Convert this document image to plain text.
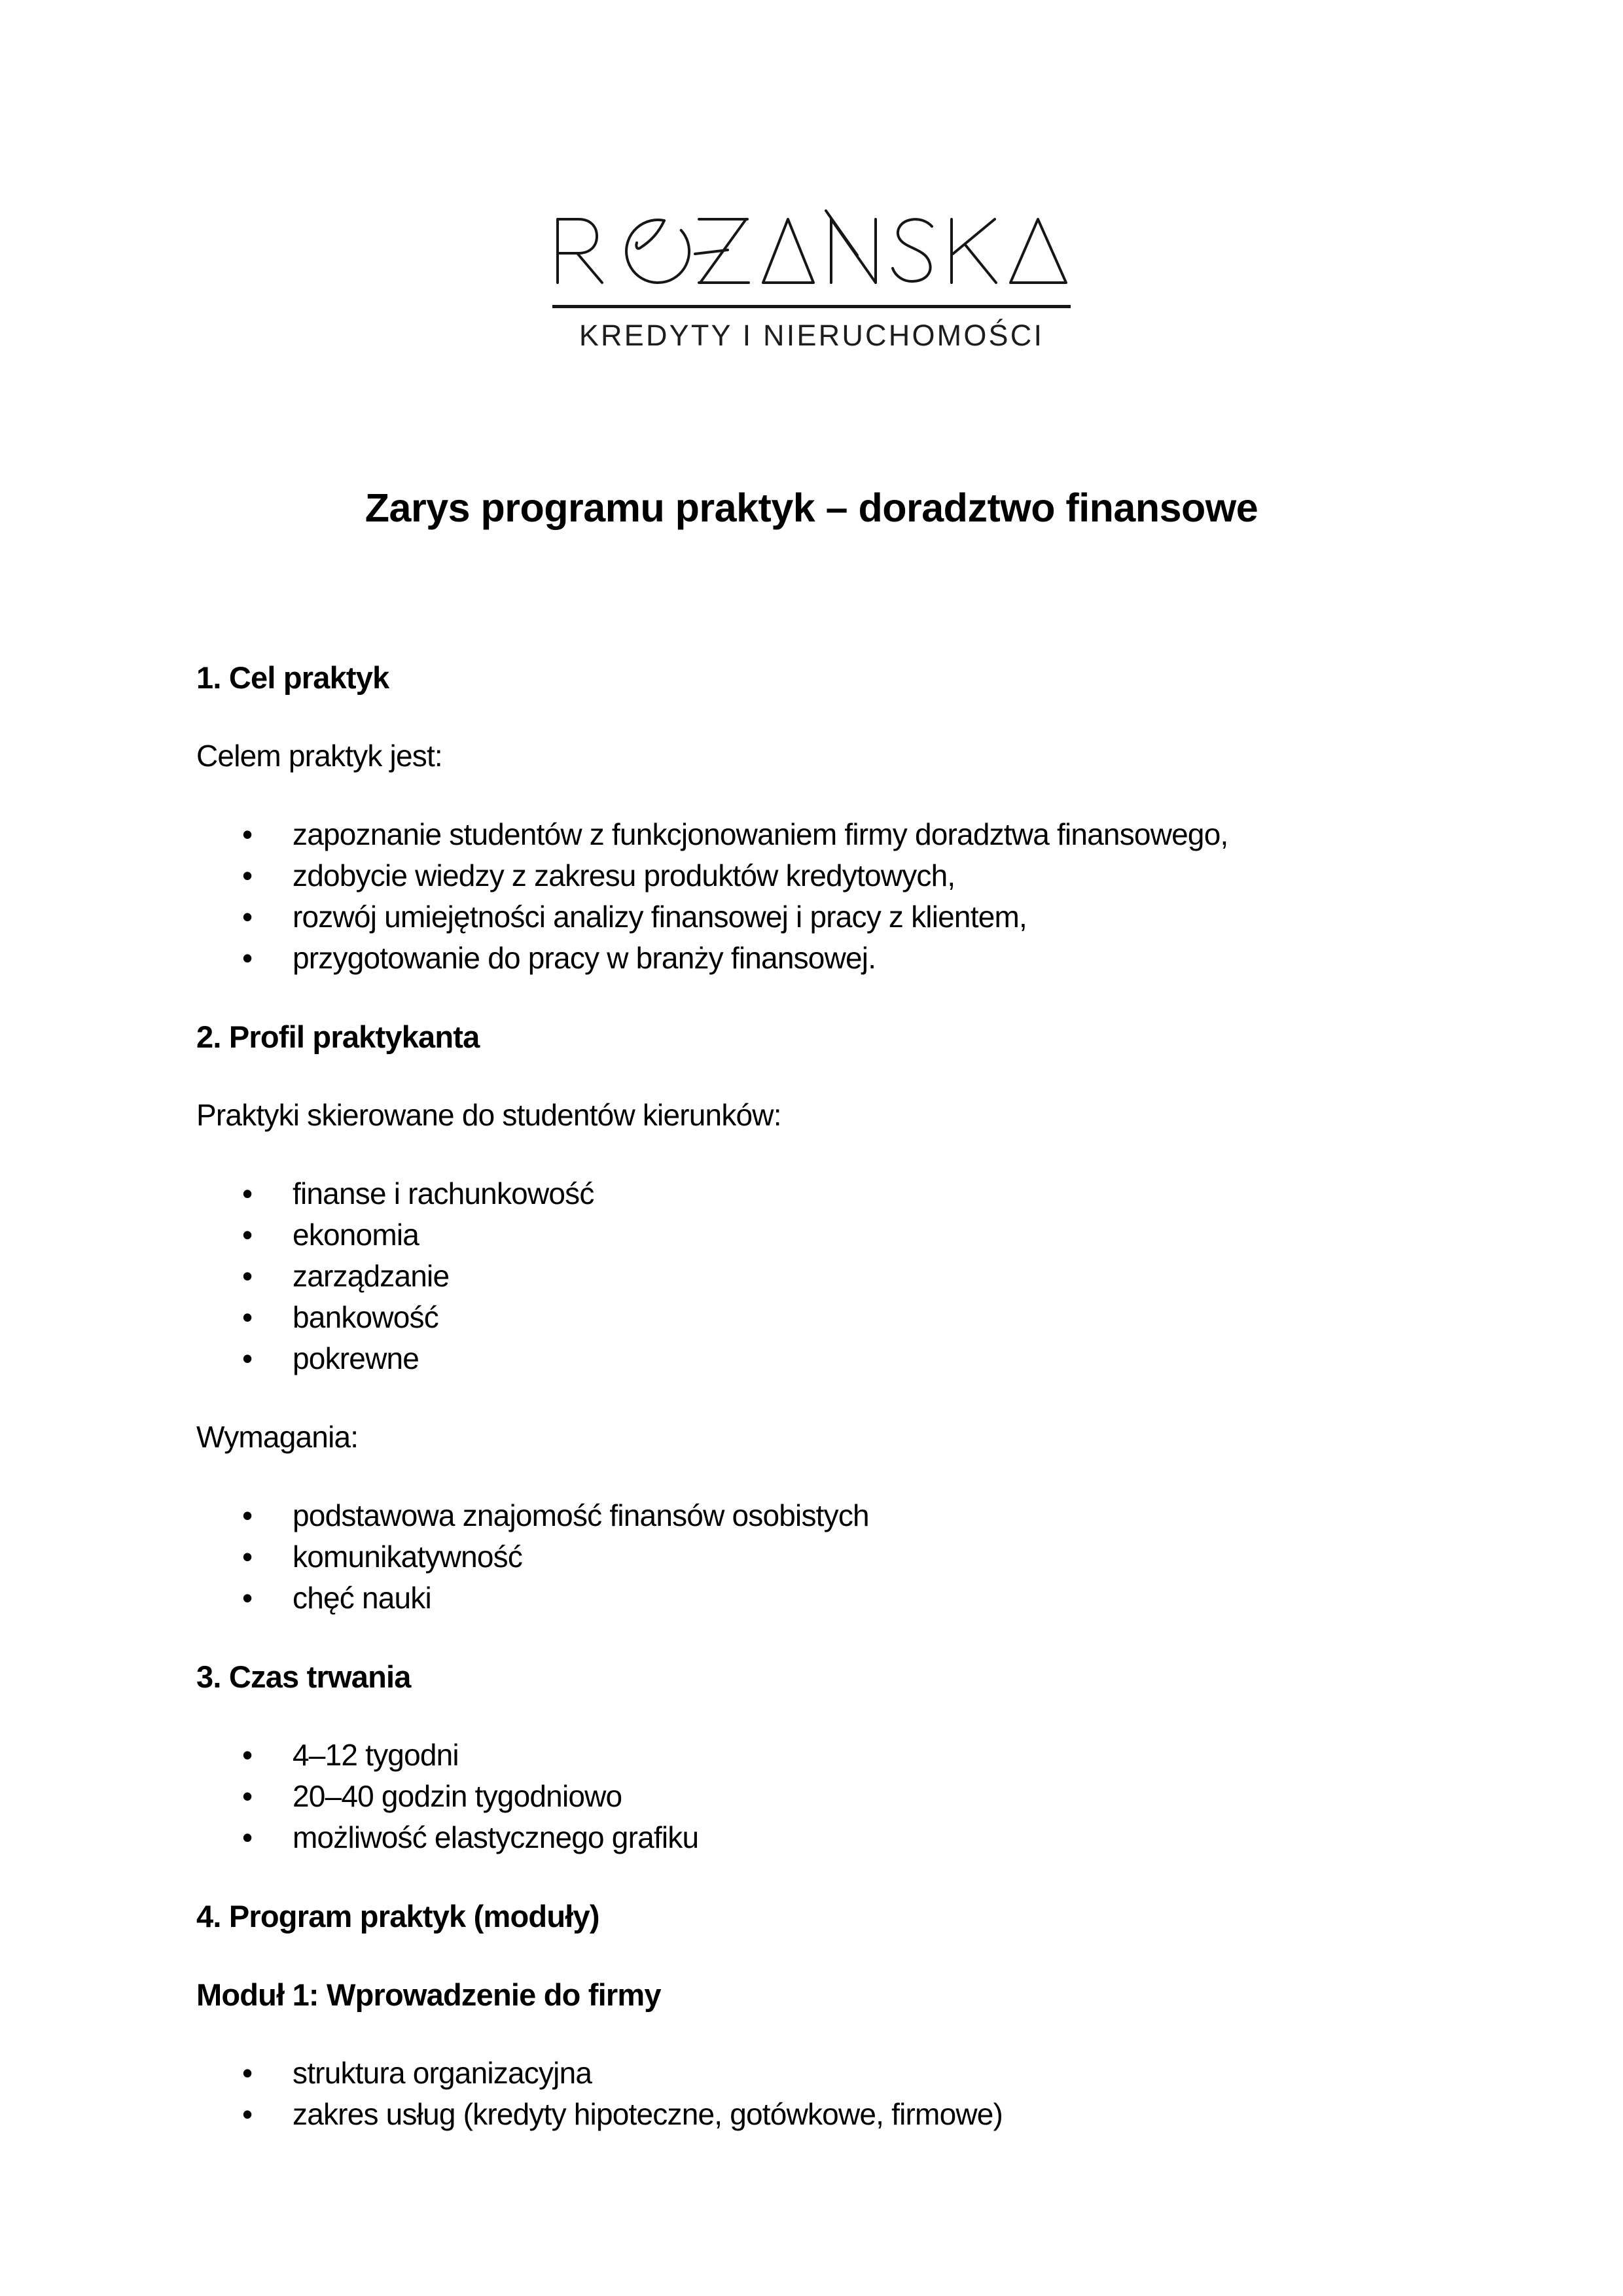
KREDYTY I NIERUCHOMOŚCI
Zarys programu praktyk – doradztwo finansowe
1. Cel praktyk
Celem praktyk jest:
• zapoznanie studentów z funkcjonowaniem firmy doradztwa finansowego,
• zdobycie wiedzy z zakresu produktów kredytowych,
• rozwój umiejętności analizy finansowej i pracy z klientem,
• przygotowanie do pracy w branży finansowej.
2. Profil praktykanta
Praktyki skierowane do studentów kierunków:
• finanse i rachunkowość
• ekonomia
• zarządzanie
• bankowość
• pokrewne
Wymagania:
• podstawowa znajomość finansów osobistych
• komunikatywność
• chęć nauki
3. Czas trwania
• 4–12 tygodni
• 20–40 godzin tygodniowo
• możliwość elastycznego grafiku
4. Program praktyk (moduły)
Moduł 1: Wprowadzenie do firmy
• struktura organizacyjna
• zakres usług (kredyty hipoteczne, gotówkowe, firmowe)
